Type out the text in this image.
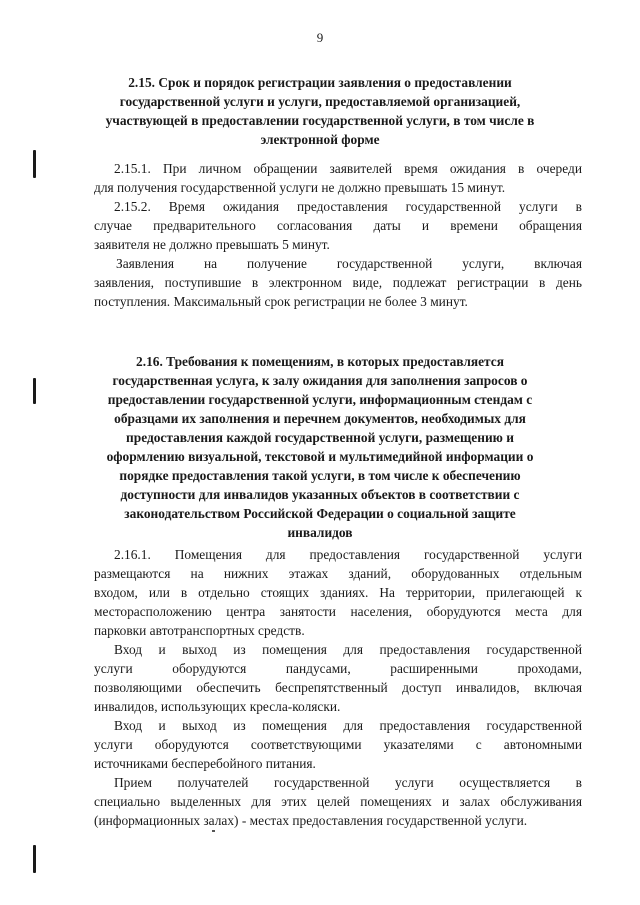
9
2.15. Срок и порядок регистрации заявления о предоставлении
государственной услуги и услуги, предоставляемой организацией,
участвующей в предоставлении государственной услуги, в том числе в
электронной форме

2.15.1. При личном обращении заявителей время ожидания в очереди
для получения государственной услуги не должно превышать 15 минут.

2.15.2. Время ожидания предоставления государственной услуги в
случае предварительного согласования даты и времени обращения
заявителя не должно превышать 5 минут.

Заявления на получение государственной услуги, включая
заявления, поступившие в электронном виде, подлежат регистрации в день
поступления. Максимальный срок регистрации не более 3 минут.

2.16. Требования к помещениям, в которых предоставляется
государственная услуга, к залу ожидания для заполнения запросов о
предоставлении государственной услуги, информационным стендам с
образцами их заполнения и перечнем документов, необходимых для
предоставления каждой государственной услуги, размещению и
оформлению визуальной, текстовой и мультимедийной информации о
порядке предоставления такой услуги, в том числе к обеспечению
доступности для инвалидов указанных объектов в соответствии с
законодательством Российской Федерации о социальной защите
инвалидов

2.16.1. Помещения для предоставления государственной услуги
размещаются на нижних этажах зданий, оборудованных отдельным
входом, или в отдельно стоящих зданиях. На территории, прилегающей к
месторасположению центра занятости населения, оборудуются места для
парковки автотранспортных средств.

Вход и выход из помещения для предоставления государственной
услуги оборудуются пандусами, расширенными проходами,
позволяющими обеспечить беспрепятственный доступ инвалидов, включая
инвалидов, использующих кресла-коляски.

Вход и выход из помещения для предоставления государственной
услуги оборудуются соответствующими указателями с автономными
источниками бесперебойного питания.

Прием получателей государственной услуги осуществляется в
специально выделенных для этих целей помещениях и залах обслуживания
(информационных залах) - местах предоставления государственной услуги.
